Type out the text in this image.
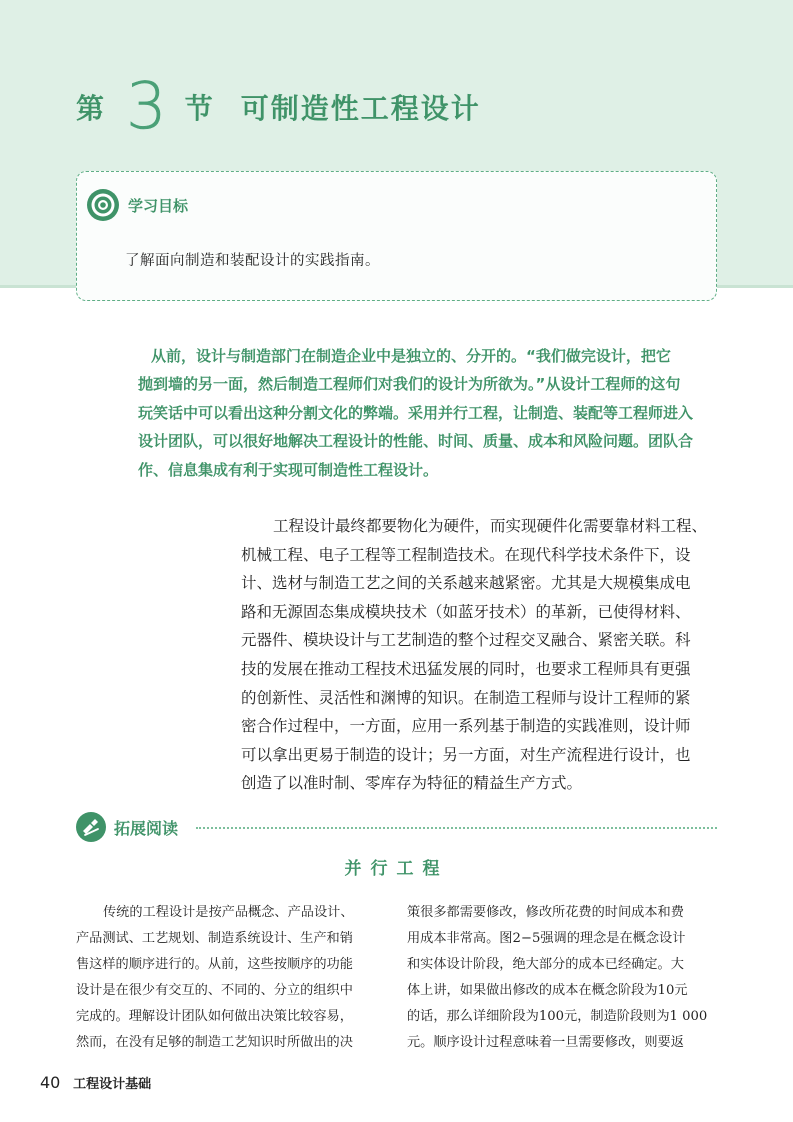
第 3 节 可制造性工程设计
学习目标
了解面向制造和装配设计的实践指南。
从前，设计与制造部门在制造企业中是独立的、分开的。“我们做完设计，把它
抛到墙的另一面，然后制造工程师们对我们的设计为所欲为。”从设计工程师的这句
玩笑话中可以看出这种分割文化的弊端。采用并行工程，让制造、装配等工程师进入
设计团队，可以很好地解决工程设计的性能、时间、质量、成本和风险问题。团队合
作、信息集成有利于实现可制造性工程设计。
工程设计最终都要物化为硬件，而实现硬件化需要靠材料工程、
机械工程、电子工程等工程制造技术。在现代科学技术条件下，设
计、选材与制造工艺之间的关系越来越紧密。尤其是大规模集成电
路和无源固态集成模块技术（如蓝牙技术）的革新，已使得材料、
元器件、模块设计与工艺制造的整个过程交叉融合、紧密关联。科
技的发展在推动工程技术迅猛发展的同时，也要求工程师具有更强
的创新性、灵活性和渊博的知识。在制造工程师与设计工程师的紧
密合作过程中，一方面，应用一系列基于制造的实践准则，设计师
可以拿出更易于制造的设计；另一方面，对生产流程进行设计，也
创造了以准时制、零库存为特征的精益生产方式。
拓展阅读
并行工程
传统的工程设计是按产品概念、产品设计、
产品测试、工艺规划、制造系统设计、生产和销
售这样的顺序进行的。从前，这些按顺序的功能
设计是在很少有交互的、不同的、分立的组织中
完成的。理解设计团队如何做出决策比较容易，
然而，在没有足够的制造工艺知识时所做出的决
策很多都需要修改，修改所花费的时间成本和费
用成本非常高。图2−5强调的理念是在概念设计
和实体设计阶段，绝大部分的成本已经确定。大
体上讲，如果做出修改的成本在概念阶段为10元
的话，那么详细阶段为100元，制造阶段则为1 000
元。顺序设计过程意味着一旦需要修改，则要返
40 工程设计基础
